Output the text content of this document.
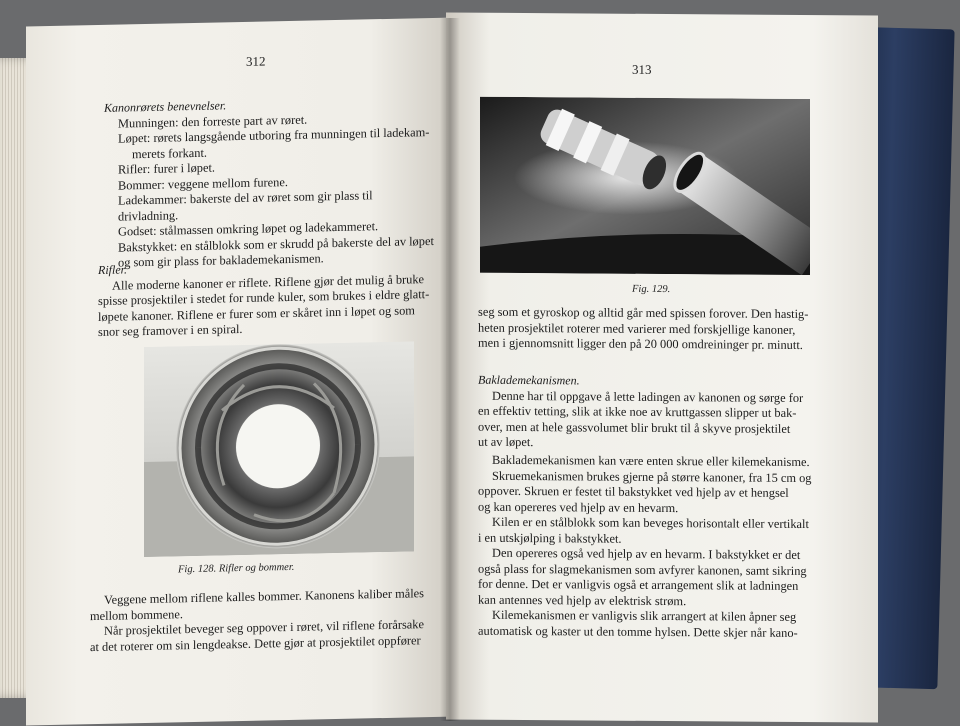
312

Kanonrørets benevnelser.

Munningen: den forreste part av røret.

Løpet: rørets langsgående utboring fra munningen til ladekam-

merets forkant.

Rifler: furer i løpet.

Bommer: veggene mellom furene.

Ladekammer: bakerste del av røret som gir plass til drivladning.

Godset: stålmassen omkring løpet og ladekammeret.

Bakstykket: en stålblokk som er skrudd på bakerste del av løpet

og som gir plass for baklademekanismen.

Rifler.

Alle moderne kanoner er riflete. Riflene gjør det mulig å bruke

spisse prosjektiler i stedet for runde kuler, som brukes i eldre glatt-

løpete kanoner. Riflene er furer som er skåret inn i løpet og som

snor seg framover i en spiral.

Fig. 128. Rifler og bommer.

Veggene mellom riflene kalles bommer. Kanonens kaliber måles

mellom bommene.

Når prosjektilet beveger seg oppover i røret, vil riflene forårsake

at det roterer om sin lengdeakse. Dette gjør at prosjektilet oppfører

313
Fig. 129.

seg som et gyroskop og alltid går med spissen forover. Den hastig-

heten prosjektilet roterer med varierer med forskjellige kanoner,

men i gjennomsnitt ligger den på 20 000 omdreininger pr. minutt.

Baklademekanismen.

Denne har til oppgave å lette ladingen av kanonen og sørge for

en effektiv tetting, slik at ikke noe av kruttgassen slipper ut bak-

over, men at hele gassvolumet blir brukt til å skyve prosjektilet

ut av løpet.

Baklademekanismen kan være enten skrue eller kilemekanisme.

Skruemekanismen brukes gjerne på større kanoner, fra 15 cm og

oppover. Skruen er festet til bakstykket ved hjelp av et hengsel

og kan opereres ved hjelp av en hevarm.

Kilen er en stålblokk som kan beveges horisontalt eller vertikalt

i en utskjølping i bakstykket.

Den opereres også ved hjelp av en hevarm. I bakstykket er det

også plass for slagmekanismen som avfyrer kanonen, samt sikring

for denne. Det er vanligvis også et arrangement slik at ladningen

kan antennes ved hjelp av elektrisk strøm.

Kilemekanismen er vanligvis slik arrangert at kilen åpner seg

automatisk og kaster ut den tomme hylsen. Dette skjer når kano-
